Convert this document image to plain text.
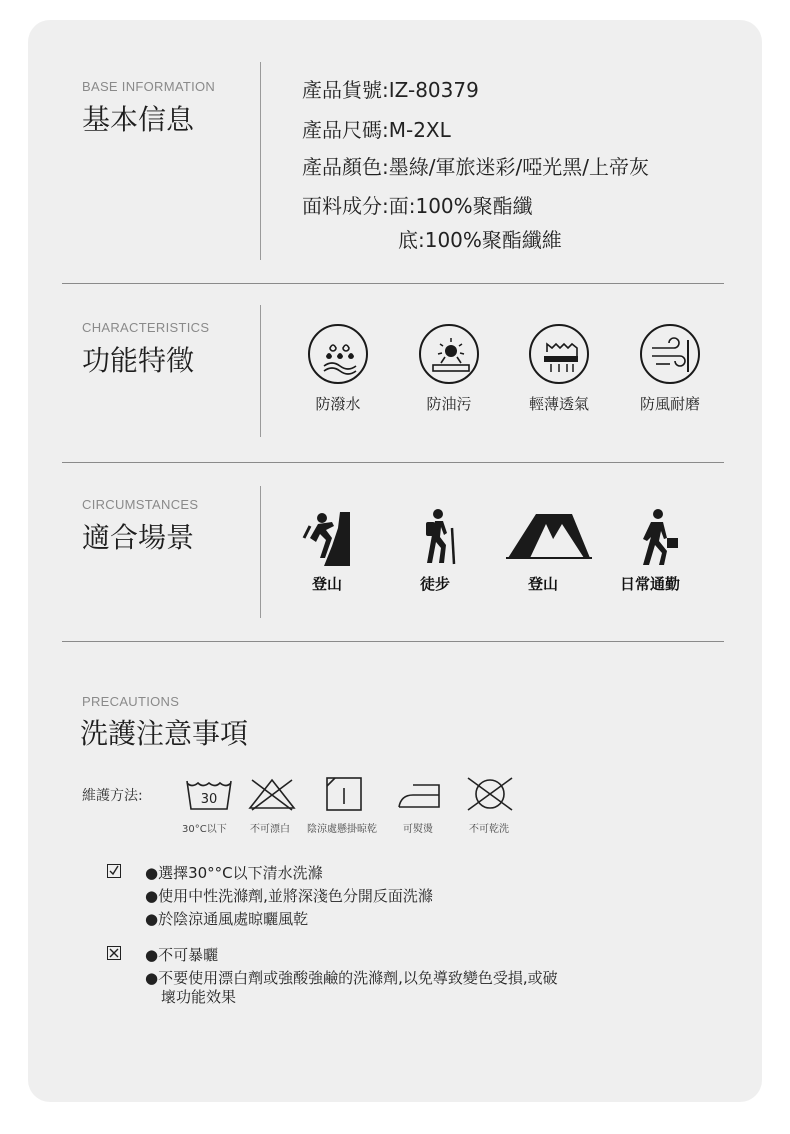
BASE INFORMATION
基本信息
產品貨號:IZ-80379
產品尺碼:M-2XL
產品顏色:墨綠/軍旅迷彩/啞光黑/上帝灰
面料成分:面:100%聚酯纖
底:100%聚酯纖維
CHARACTERISTICS
功能特徵
防潑水	防油污	輕薄透氣	防風耐磨
CIRCUMSTANCES
適合場景
登山	徒步	登山	日常通勤
PRECAUTIONS
洗護注意事項
維護方法:	30
30°C以下 不可漂白 陰涼處懸掛晾乾	可熨燙	不可乾洗
●選擇30°°C以下清水洗滌
●使用中性洗滌劑,並將深淺色分開反面洗滌
●於陰涼通風處晾曬風乾
●不可暴曬
●不要使用漂白劑或強酸強鹼的洗滌劑,以免導致變色受損,或破
壞功能效果
